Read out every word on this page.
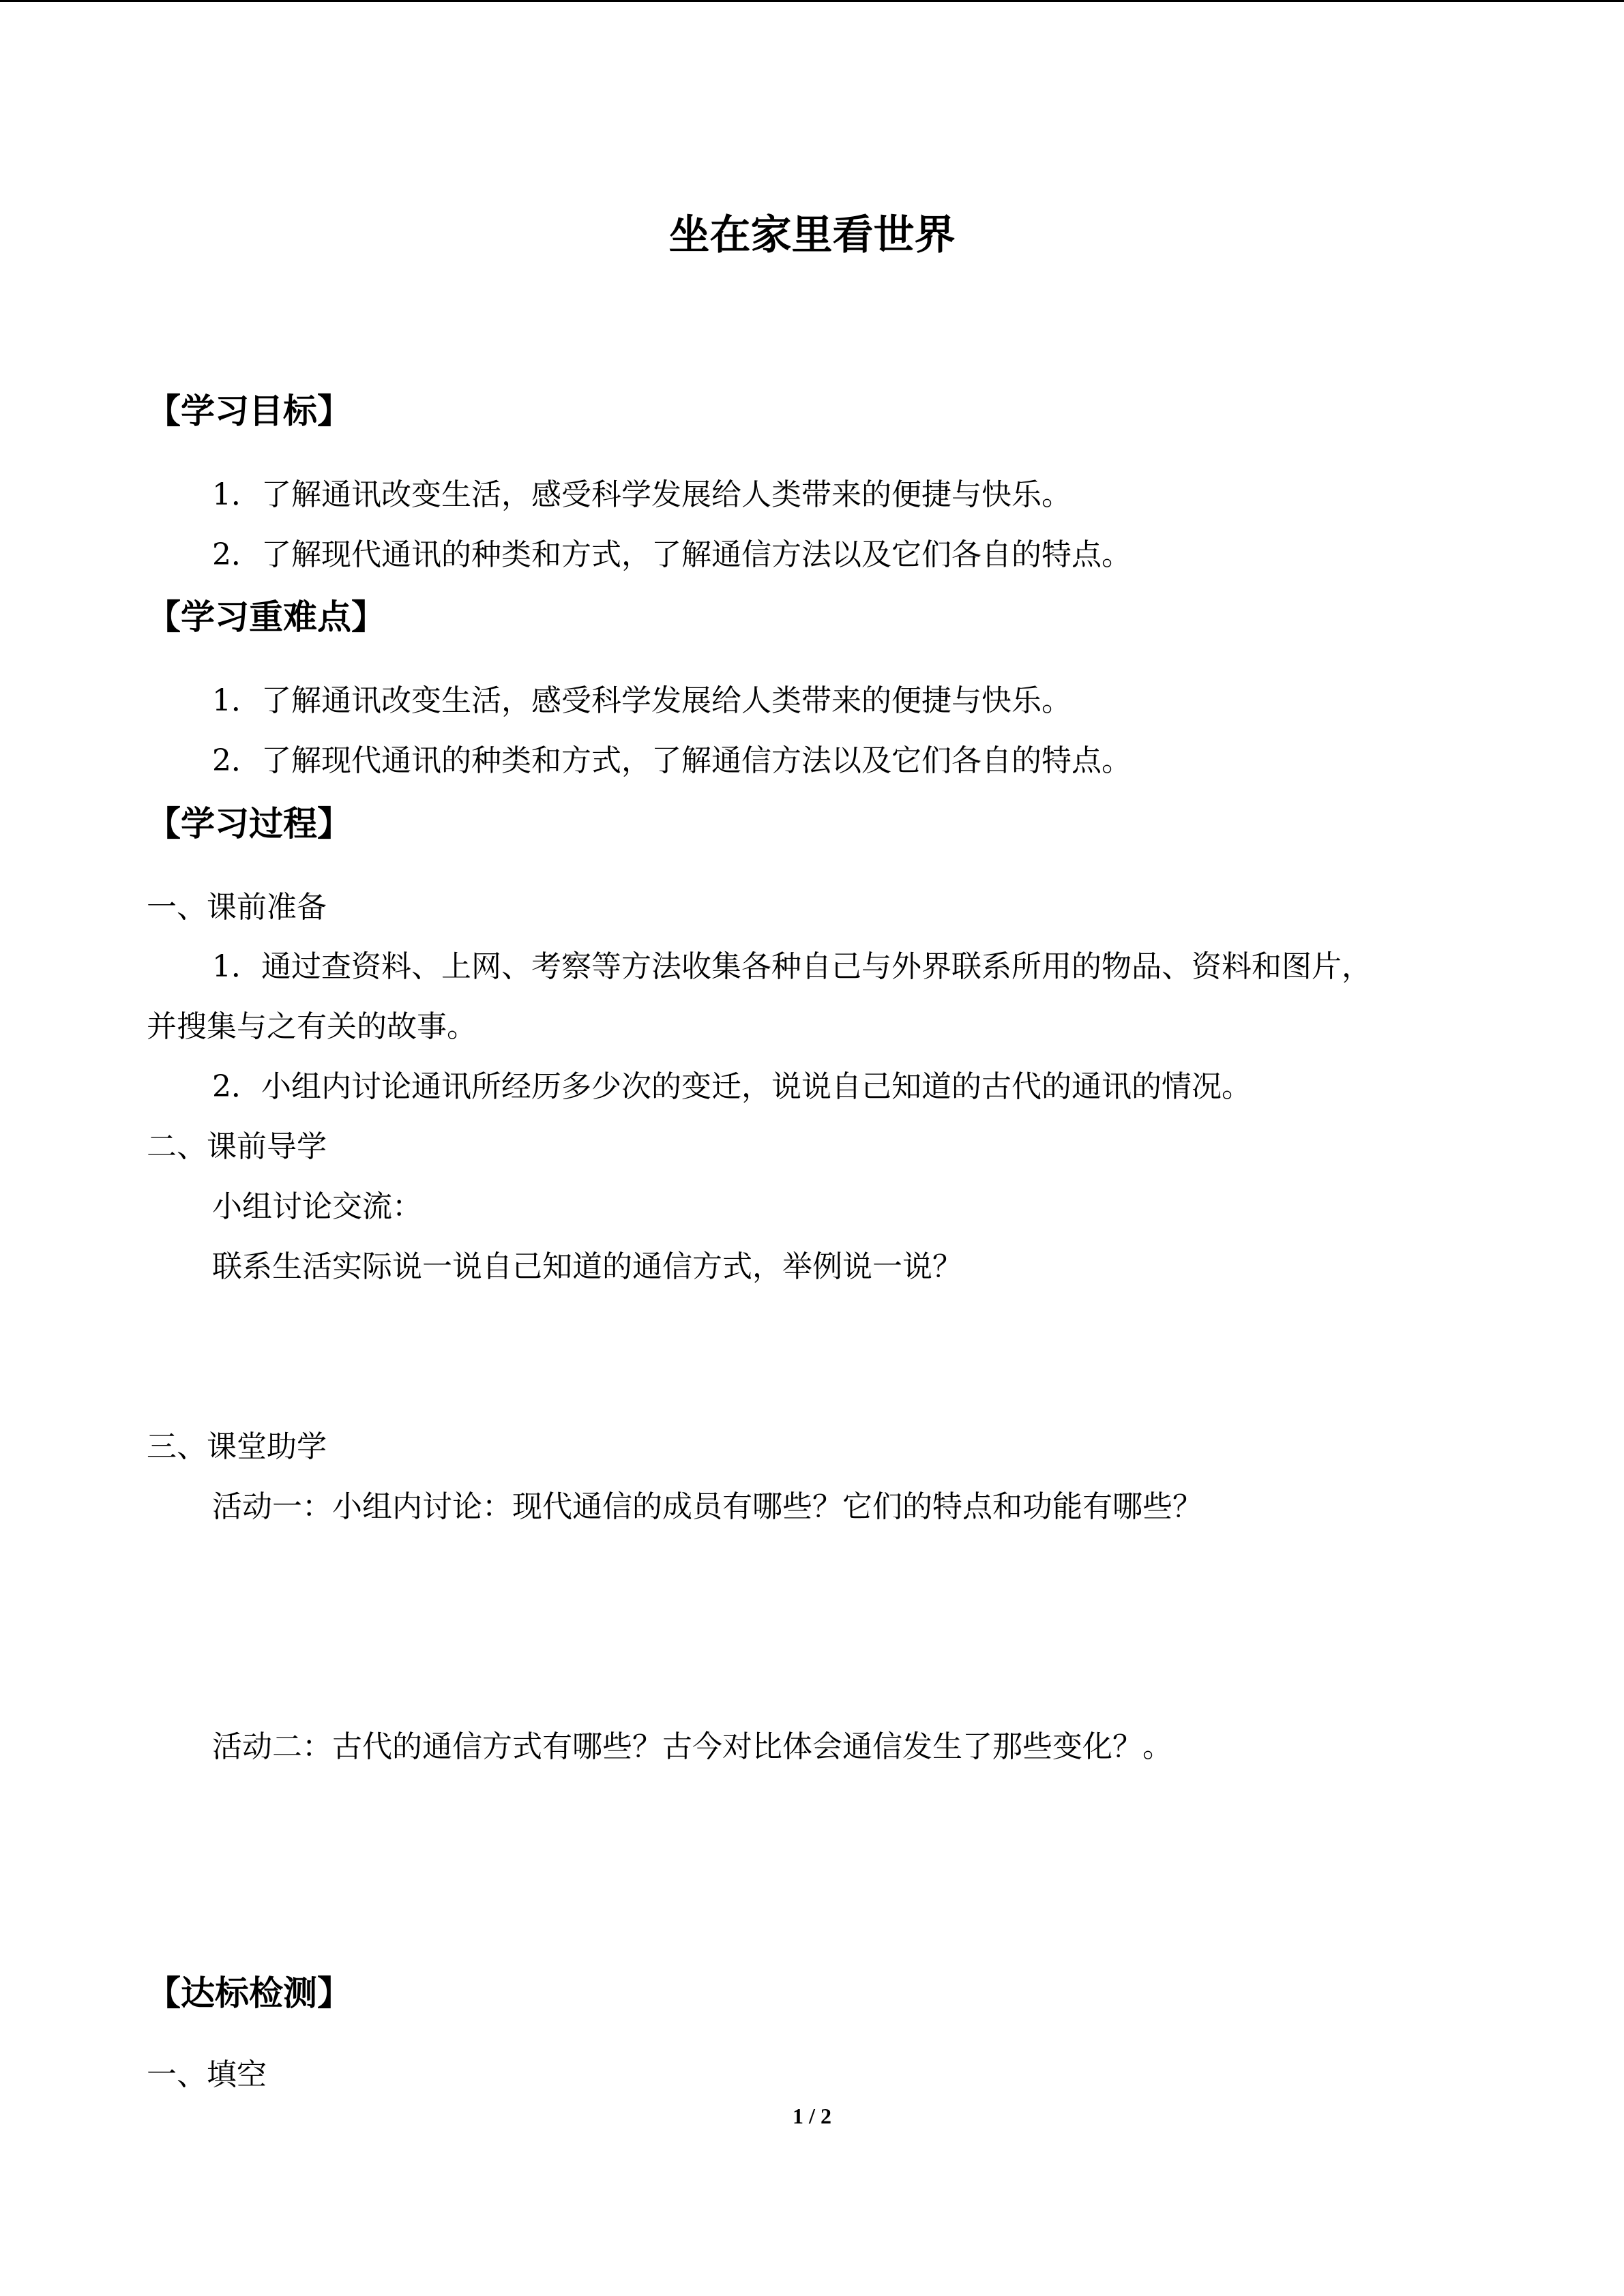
坐在家里看世界
【学习目标】
1．了解通讯改变生活，感受科学发展给人类带来的便捷与快乐。
2．了解现代通讯的种类和方式，了解通信方法以及它们各自的特点。
【学习重难点】
1．了解通讯改变生活，感受科学发展给人类带来的便捷与快乐。
2．了解现代通讯的种类和方式，了解通信方法以及它们各自的特点。
【学习过程】
一、课前准备
1．通过查资料、上网、考察等方法收集各种自己与外界联系所用的物品、资料和图片，
并搜集与之有关的故事。
2．小组内讨论通讯所经历多少次的变迁，说说自己知道的古代的通讯的情况。
二、课前导学
小组讨论交流：
联系生活实际说一说自己知道的通信方式，举例说一说？
三、课堂助学
活动一：小组内讨论：现代通信的成员有哪些？它们的特点和功能有哪些？
活动二：古代的通信方式有哪些？古今对比体会通信发生了那些变化？。
【达标检测】
一、填空
1 / 2
